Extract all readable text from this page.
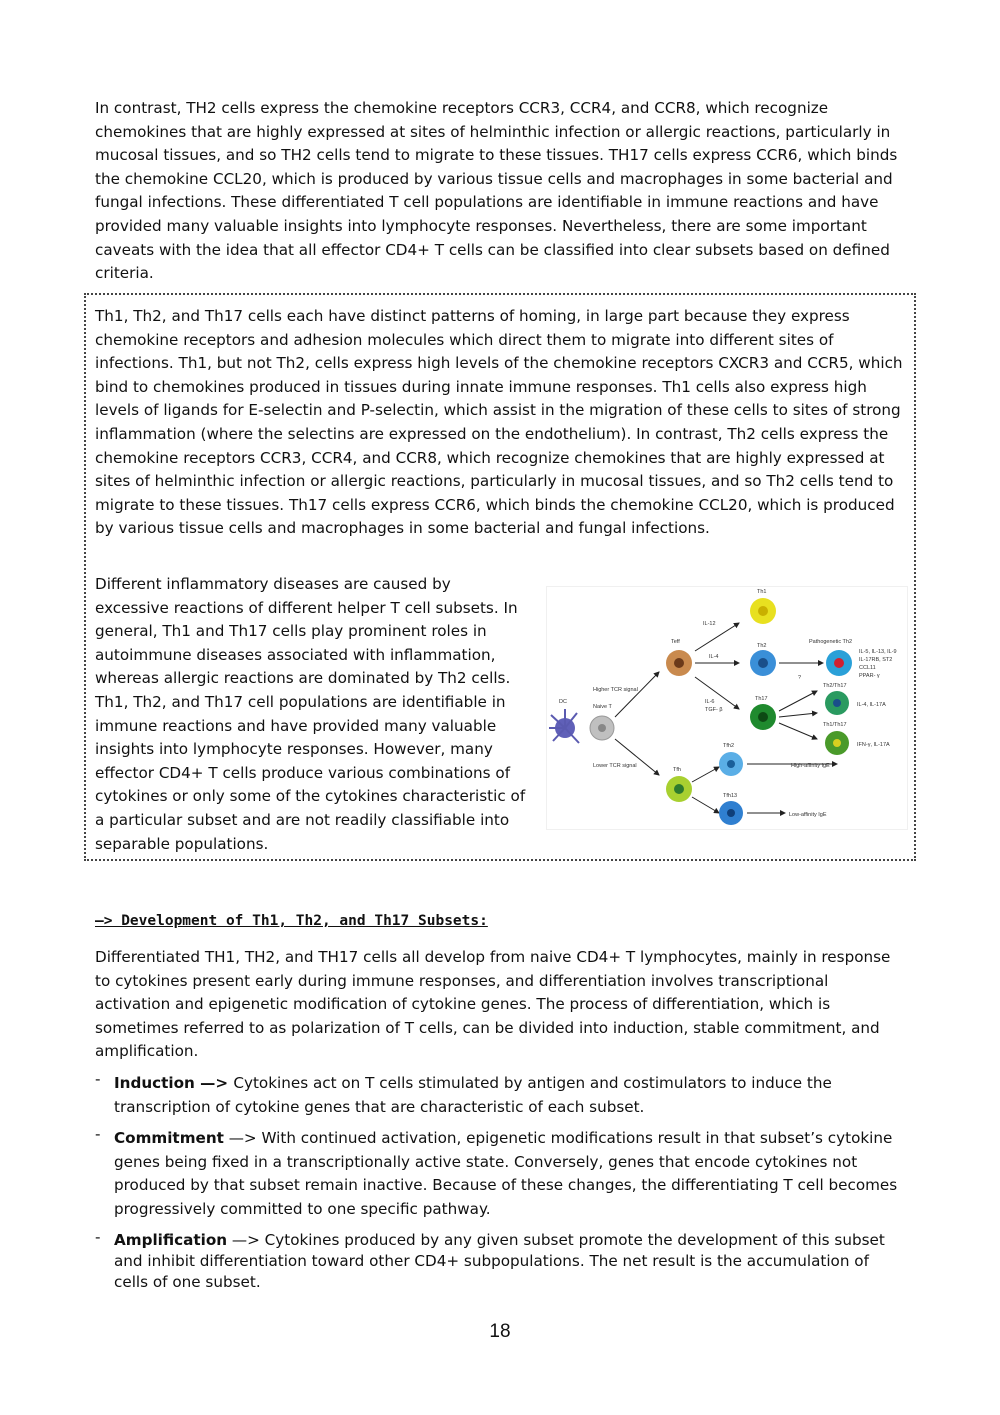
In contrast, TH2 cells express the chemokine receptors CCR3, CCR4, and CCR8, which recognize chemokines that are highly expressed at sites of helminthic infection or allergic reactions, particularly in mucosal tissues, and so TH2 cells tend to migrate to these tissues. TH17 cells express CCR6, which binds the chemokine CCL20, which is produced by various tissue cells and macrophages in some bacterial and fungal infections. These differentiated T cell populations are identifiable in immune reactions and have provided many valuable insights into lymphocyte responses. Nevertheless, there are some important caveats with the idea that all effector CD4+ T cells can be classified into clear subsets based on defined criteria.

Th1, Th2, and Th17 cells each have distinct patterns of homing, in large part because they express chemokine receptors and adhesion molecules which direct them to migrate into different sites of infections. Th1, but not Th2, cells express high levels of the chemokine receptors CXCR3 and CCR5, which bind to chemokines produced in tissues during innate immune responses. Th1 cells also express high levels of ligands for E-selectin and P-selectin, which assist in the migration of these cells to sites of strong inflammation (where the selectins are expressed on the endothelium). In contrast, Th2 cells express the chemokine receptors CCR3, CCR4, and CCR8, which recognize chemokines that are highly expressed at sites of helminthic infection or allergic reactions, particularly in mucosal tissues, and so Th2 cells tend to migrate to these tissues. Th17 cells express CCR6, which binds the chemokine CCL20, which is produced by various tissue cells and macrophages in some bacterial and fungal infections.

Different inflammatory diseases are caused by excessive reactions of different helper T cell subsets. In general, Th1 and Th17 cells play prominent roles in autoimmune diseases associated with inflammation, whereas allergic reactions are dominated by Th2 cells. Th1, Th2, and Th17 cell populations are identifiable in immune reactions and have provided many valuable insights into lymphocyte responses. However, many effector CD4+ T cells produce various combinations of cytokines or only some of the cytokines characteristic of a particular subset and are not readily classifiable into separable populations.

DC
Naive T
Higher TCR signal
Lower TCR signal
Teff
Tfh
Th1
Th2
Th17
Tfh2
Tfh13
Pathogenetic Th2
Th2/Th17
Th1/Th17
IL-12
IL-4
IL-6
TGF- β
?
IL-5, IL-13, IL-9
IL-17RB, ST2
CCL11
PPAR- γ
IL-4, IL-17A
IFN-γ, IL-17A
High-affinity IgE
Low-affinity IgE

—> Development of Th1, Th2, and Th17 Subsets:

Differentiated TH1, TH2, and TH17 cells all develop from naive CD4+ T lymphocytes, mainly in response to cytokines present early during immune responses, and differentiation involves transcriptional activation and epigenetic modification of cytokine genes. The process of differentiation, which is sometimes referred to as polarization of T cells, can be divided into induction, stable commitment, and amplification.

- Induction —> Cytokines act on T cells stimulated by antigen and costimulators to induce the transcription of cytokine genes that are characteristic of each subset.
- Commitment —> With continued activation, epigenetic modifications result in that subset’s cytokine genes being fixed in a transcriptionally active state. Conversely, genes that encode cytokines not produced by that subset remain inactive. Because of these changes, the differentiating T cell becomes progressively committed to one specific pathway.
- Amplification —> Cytokines produced by any given subset promote the development of this subset and inhibit differentiation toward other CD4+ subpopulations. The net result is the accumulation of cells of one subset.
18
